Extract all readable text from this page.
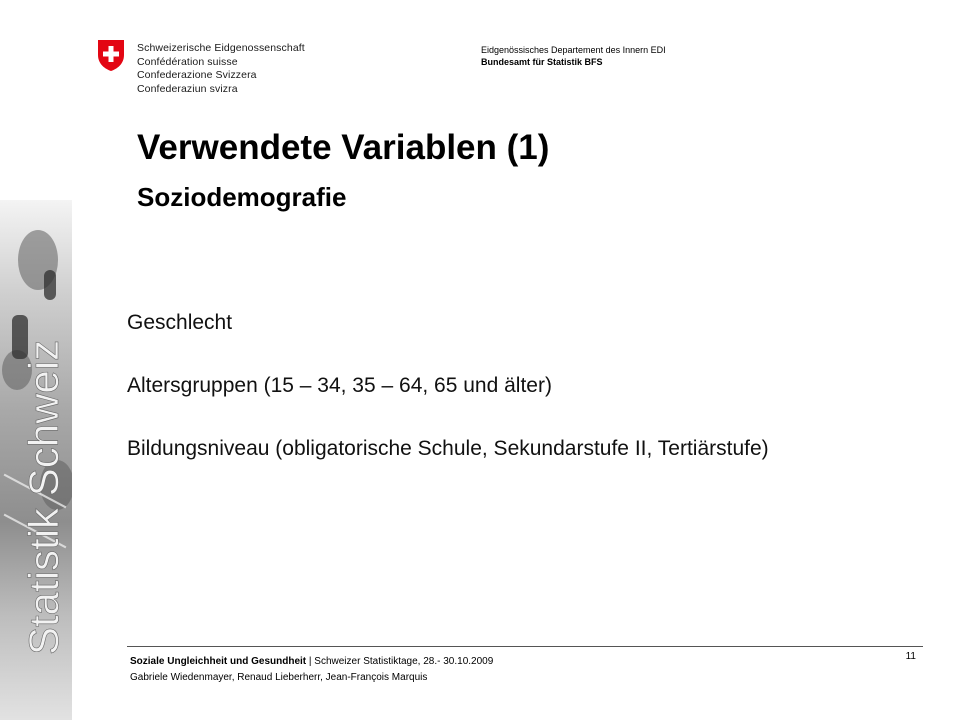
Statistik Schweiz
Schweizerische Eidgenossenschaft
Confédération suisse
Confederazione Svizzera
Confederaziun svizra
Eidgenössisches Departement des Innern EDI
Bundesamt für Statistik BFS
Verwendete Variablen (1)
Soziodemografie

Geschlecht

Altersgruppen (15 – 34, 35 – 64, 65 und älter)

Bildungsniveau (obligatorische Schule, Sekundarstufe II, Tertiärstufe)

Soziale Ungleichheit und Gesundheit | Schweizer Statistiktage, 28.- 30.10.2009
Gabriele Wiedenmayer, Renaud Lieberherr, Jean-François Marquis
11
